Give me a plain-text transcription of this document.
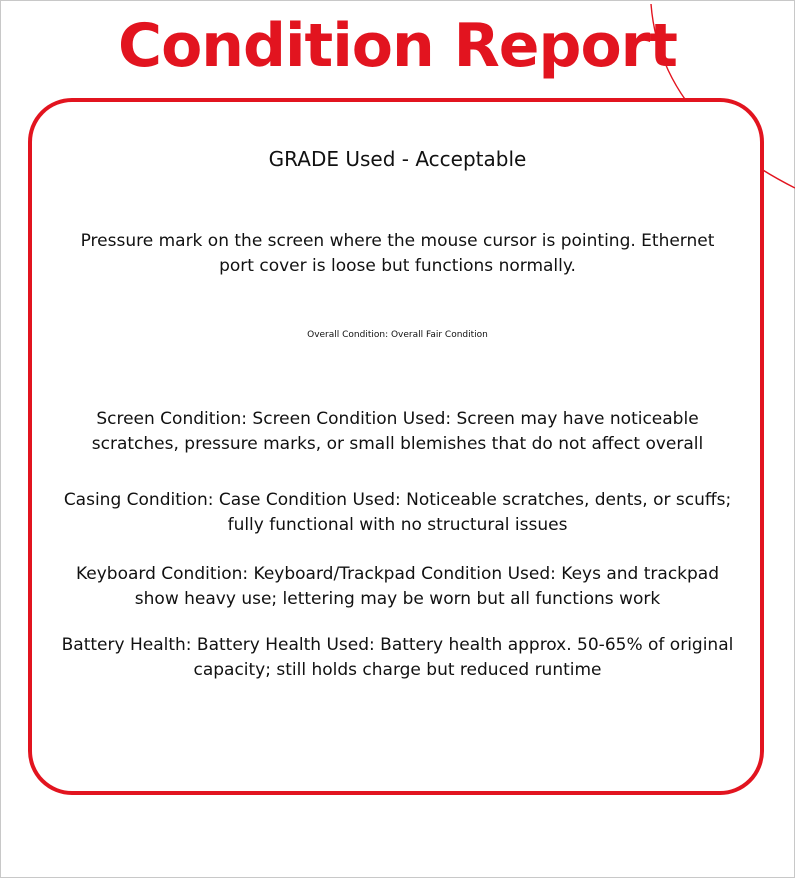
Condition Report
GRADE Used - Acceptable
Pressure mark on the screen where the mouse cursor is pointing. Ethernet port cover is loose but functions normally.
Overall Condition: Overall Fair Condition
Screen Condition: Screen Condition Used: Screen may have noticeable scratches, pressure marks, or small blemishes that do not affect overall
Casing Condition: Case Condition Used: Noticeable scratches, dents, or scuffs; fully functional with no structural issues
Keyboard Condition: Keyboard/Trackpad Condition Used: Keys and trackpad show heavy use; lettering may be worn but all functions work
Battery Health: Battery Health Used: Battery health approx. 50-65% of original capacity; still holds charge but reduced runtime
